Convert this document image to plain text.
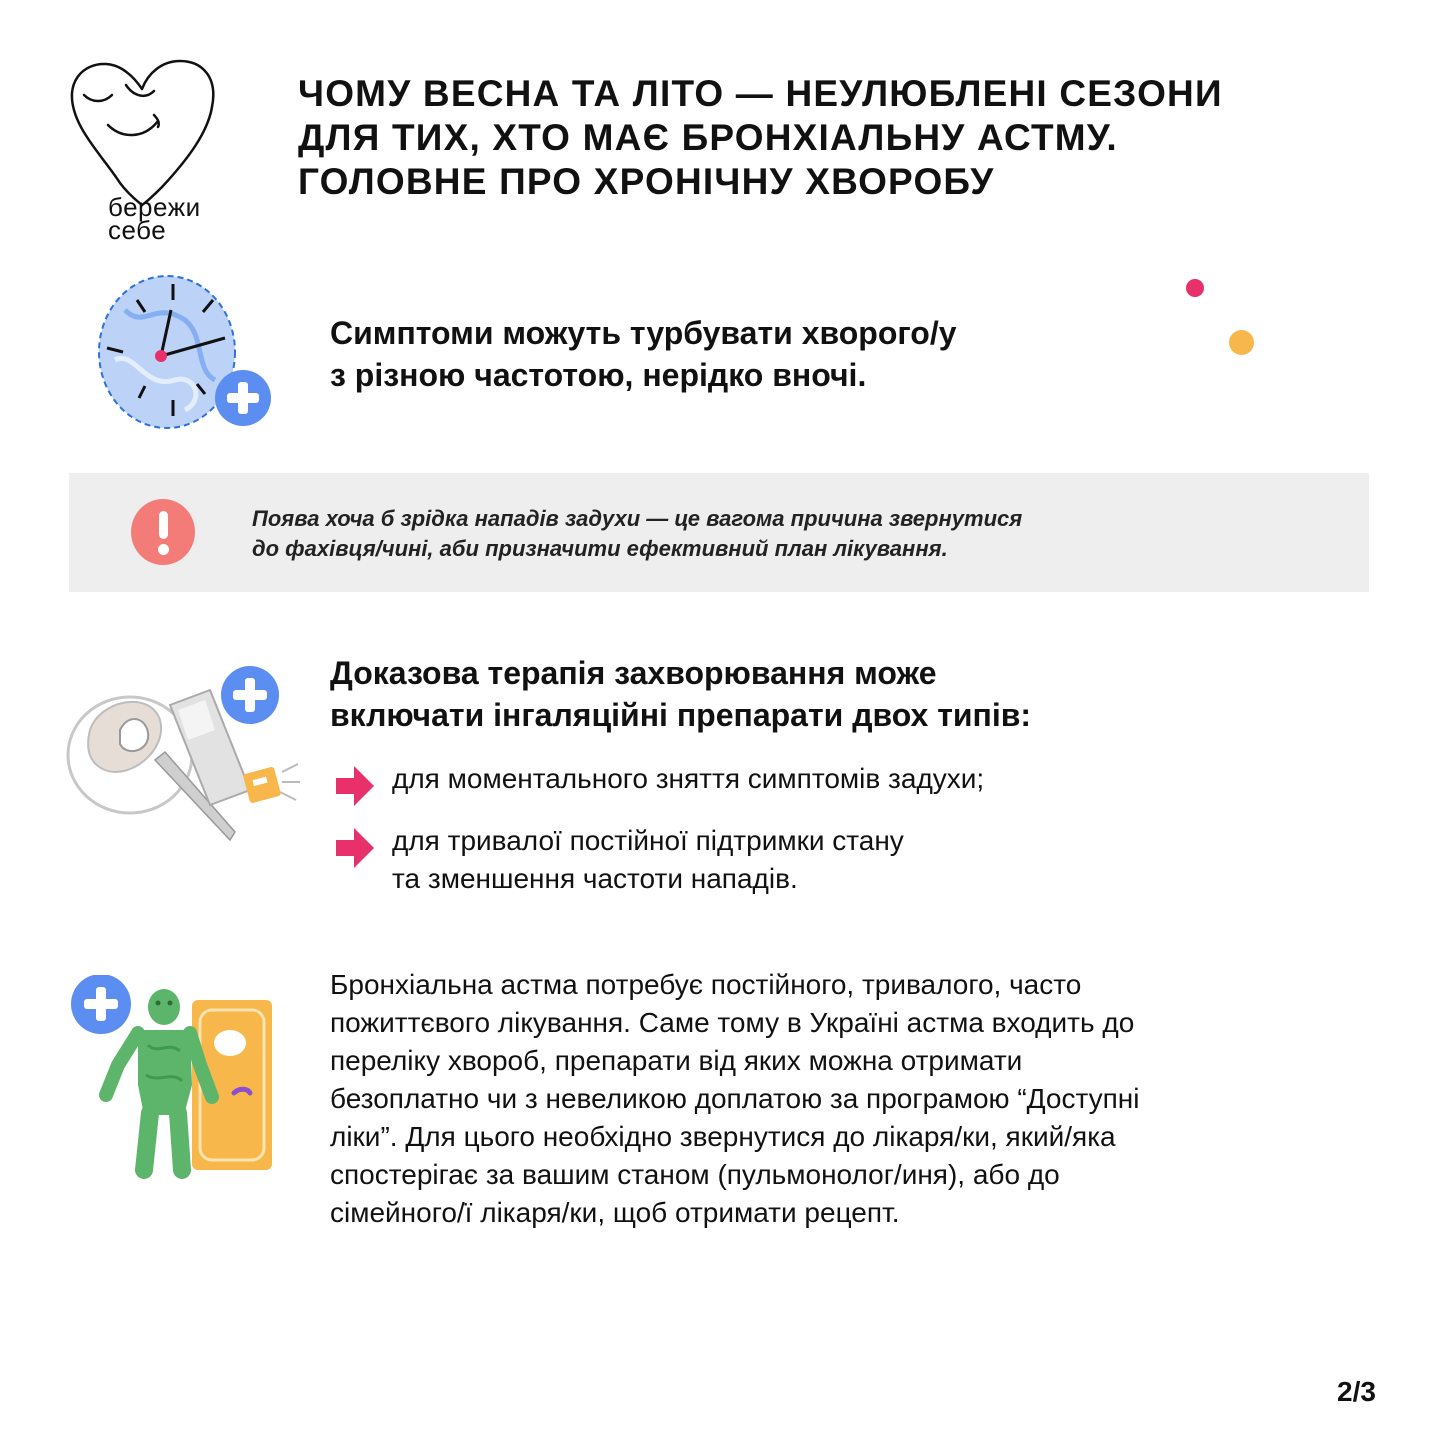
бережи
себе
ЧОМУ ВЕСНА ТА ЛІТО — НЕУЛЮБЛЕНІ СЕЗОНИ
ДЛЯ ТИХ, ХТО МАЄ БРОНХІАЛЬНУ АСТМУ.
ГОЛОВНЕ ПРО ХРОНІЧНУ ХВОРОБУ
Симптоми можуть турбувати хворого/у
з різною частотою, нерідко вночі.
Поява хоча б зрідка нападів задухи — це вагома причина звернутися
до фахівця/чині, аби призначити ефективний план лікування.
Доказова терапія захворювання може
включати інгаляційні препарати двох типів:
для моментального зняття симптомів задухи;
для тривалої постійної підтримки стану
та зменшення частоти нападів.
Бронхіальна астма потребує постійного, тривалого, часто
пожиттєвого лікування. Саме тому в Україні астма входить до
переліку хвороб, препарати від яких можна отримати
безоплатно чи з невеликою доплатою за програмою “Доступні
ліки”. Для цього необхідно звернутися до лікаря/ки, який/яка
спостерігає за вашим станом (пульмонолог/иня), або до
сімейного/ї лікаря/ки, щоб отримати рецепт.
2/3
